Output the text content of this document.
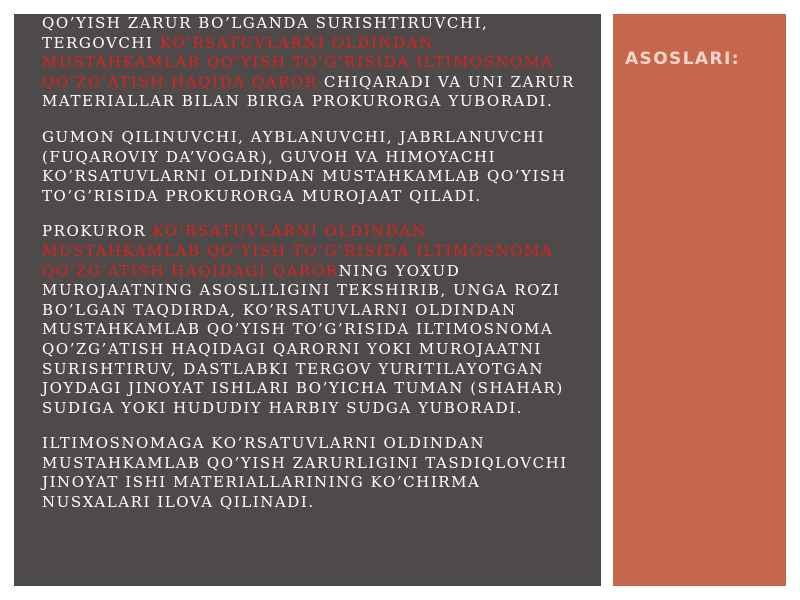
QO’YISH ZARUR BO’LGANDA SURISHTIRUVCHI, TERGOVCHI KO’RSATUVLARNI OLDINDAN MUSTAHKAMLAB QO’YISH TO’G’RISIDA ILTIMOSNOMA QO’ZG’ATISH HAQIDA QAROR CHIQARADI VA UNI ZARUR MATERIALLAR BILAN BIRGA PROKURORGA YUBORADI.

GUMON QILINUVCHI, AYBLANUVCHI, JABRLANUVCHI (FUQAROVIY DA’VOGAR), GUVOH VA HIMOYACHI KO’RSATUVLARNI OLDINDAN MUSTAHKAMLAB QO’YISH TO’G’RISIDA PROKURORGA MUROJAAT QILADI.

PROKUROR KO’RSATUVLARNI OLDINDAN MUSTAHKAMLAB QO’YISH TO’G’RISIDA ILTIMOSNOMA QO’ZG’ATISH HAQIDAGI QARORNING YOXUD MUROJAATNING ASOSLILIGINI TEKSHIRIB, UNGA ROZI BO’LGAN TAQDIRDA, KO’RSATUVLARNI OLDINDAN MUSTAHKAMLAB QO’YISH TO’G’RISIDA ILTIMOSNOMA QO’ZG’ATISH HAQIDAGI QARORNI YOKI MUROJAATNI SURISHTIRUV, DASTLABKI TERGOV YURITILAYOTGAN JOYDAGI JINOYAT ISHLARI BO’YICHA TUMAN (SHAHAR) SUDIGA YOKI HUDUDIY HARBIY SUDGA YUBORADI.

ILTIMOSNOMAGA KO’RSATUVLARNI OLDINDAN MUSTAHKAMLAB QO’YISH ZARURLIGINI TASDIQLOVCHI JINOYAT ISHI MATERIALLARINING KO’CHIRMA NUSXALARI ILOVA QILINADI.

ASOSLARI:
